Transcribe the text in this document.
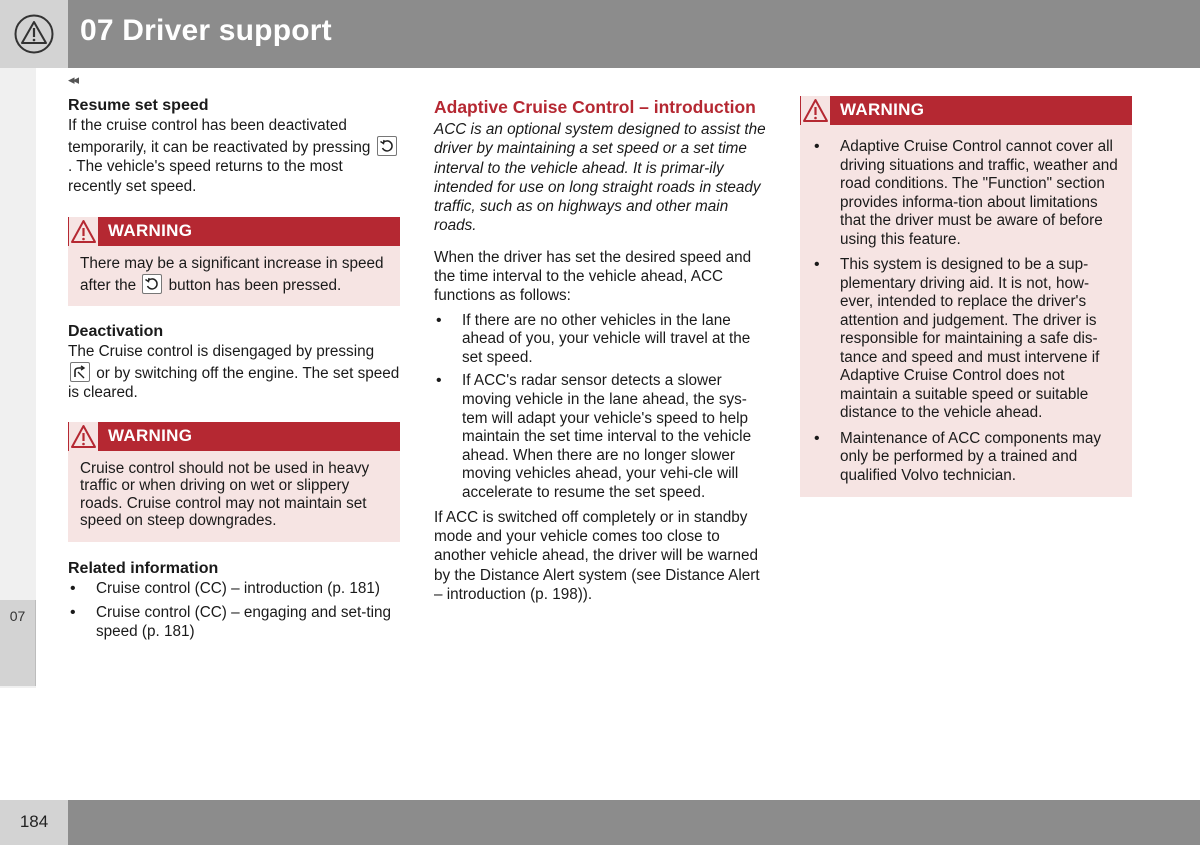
07 Driver support
07
◂◂
Resume set speed

If the cruise control has been deactivated temporarily, it can be reactivated by pressing
. The vehicle's speed returns to the most recently set speed.

WARNING
There may be a significant increase in speed after the button has been pressed.
Deactivation

The Cruise control is disengaged by pressing
or by switching off the engine. The set speed is cleared.

WARNING
Cruise control should not be used in heavy traffic or when driving on wet or slippery roads. Cruise control may not maintain set speed on steep downgrades.
Related information
• Cruise control (CC) – introduction (p. 181)
• Cruise control (CC) – engaging and set-ting speed (p. 181)
Adaptive Cruise Control – introduction

ACC is an optional system designed to assist the driver by maintaining a set speed or a set time interval to the vehicle ahead. It is primar-ily intended for use on long straight roads in steady traffic, such as on highways and other main roads.

When the driver has set the desired speed and the time interval to the vehicle ahead, ACC functions as follows:

• If there are no other vehicles in the lane ahead of you, your vehicle will travel at the set speed.
• If ACC's radar sensor detects a slower moving vehicle in the lane ahead, the sys-tem will adapt your vehicle's speed to help maintain the set time interval to the vehicle ahead. When there are no longer slower moving vehicles ahead, your vehi-cle will accelerate to resume the set speed.

If ACC is switched off completely or in standby mode and your vehicle comes too close to another vehicle ahead, the driver will be warned by the Distance Alert system (see Distance Alert – introduction (p. 198)).

WARNING
• Adaptive Cruise Control cannot cover all driving situations and traffic, weather and road conditions. The "Function" section provides informa-tion about limitations that the driver must be aware of before using this feature.
• This system is designed to be a sup-plementary driving aid. It is not, how-ever, intended to replace the driver's attention and judgement. The driver is responsible for maintaining a safe dis-tance and speed and must intervene if Adaptive Cruise Control does not maintain a suitable speed or suitable distance to the vehicle ahead.
• Maintenance of ACC components may only be performed by a trained and qualified Volvo technician.
184
